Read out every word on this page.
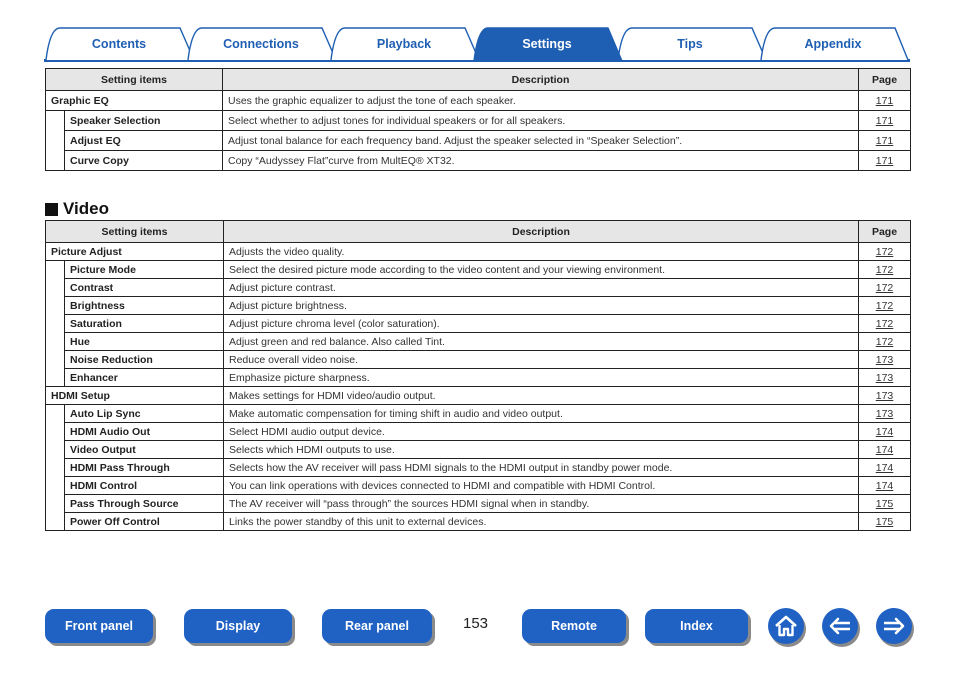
Contents	Connections	Playback	Settings	Tips	Appendix
Setting items		Description	Page
Graphic EQ		Uses the graphic equalizer to adjust the tone of each speaker.	171
	Speaker Selection	Select whether to adjust tones for individual speakers or for all speakers.	171
	Adjust EQ	Adjust tonal balance for each frequency band. Adjust the speaker selected in “Speaker Selection”.	171
	Curve Copy	Copy “Audyssey Flat”curve from MultEQ® XT32.	171
Video
Setting items		Description	Page
Picture Adjust		Adjusts the video quality.	172
	Picture Mode	Select the desired picture mode according to the video content and your viewing environment.	172
	Contrast	Adjust picture contrast.	172
	Brightness	Adjust picture brightness.	172
	Saturation	Adjust picture chroma level (color saturation).	172
	Hue	Adjust green and red balance. Also called Tint.	172
	Noise Reduction	Reduce overall video noise.	173
	Enhancer	Emphasize picture sharpness.	173
HDMI Setup		Makes settings for HDMI video/audio output.	173
	Auto Lip Sync	Make automatic compensation for timing shift in audio and video output.	173
	HDMI Audio Out	Select HDMI audio output device.	174
	Video Output	Selects which HDMI outputs to use.	174
	HDMI Pass Through	Selects how the AV receiver will pass HDMI signals to the HDMI output in standby power mode.	174
	HDMI Control	You can link operations with devices connected to HDMI and compatible with HDMI Control.	174
	Pass Through Source	The AV receiver will “pass through” the sources HDMI signal when in standby.	175
	Power Off Control	Links the power standby of this unit to external devices.	175
Front panel	Display	Rear panel	153	Remote	Index
